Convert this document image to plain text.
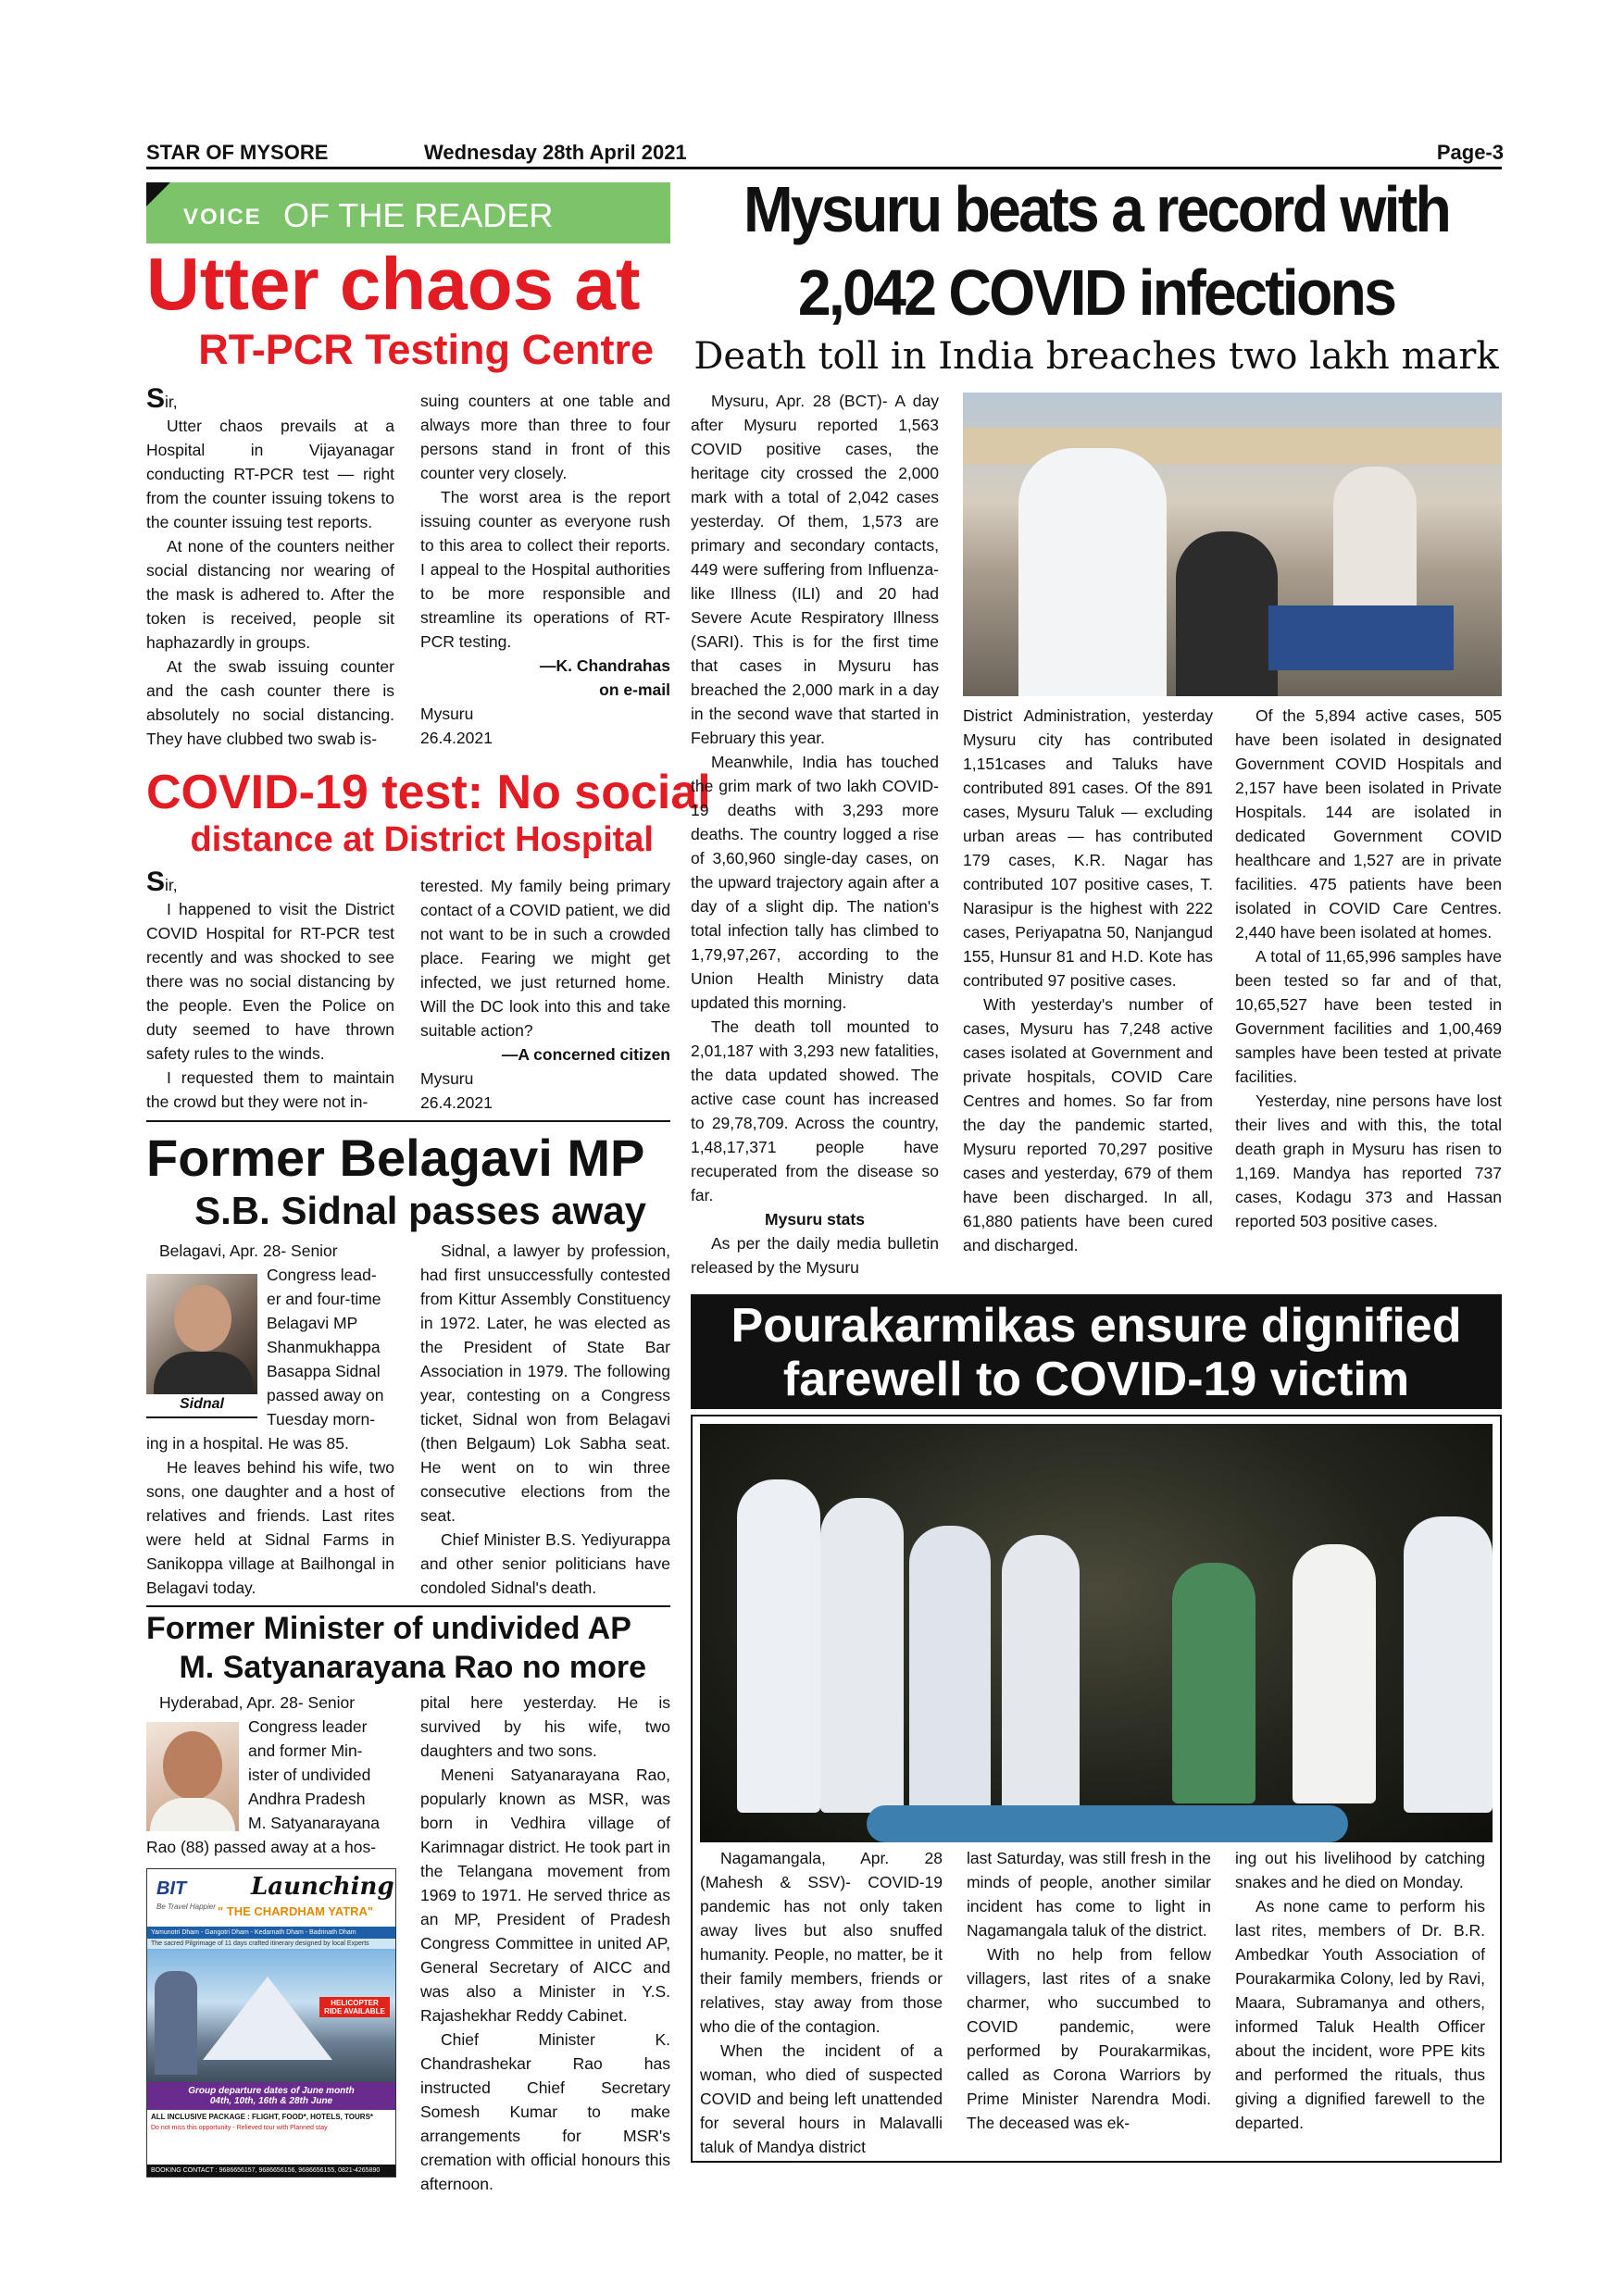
STAR OF MYSORE	Wednesday 28th April 2021	Page-3
VOICE OF THE READER
Utter chaos at
RT-PCR Testing Centre

Sir,

Utter chaos prevails at a Hospital in Vijayanagar conducting RT-PCR test — right from the counter issuing tokens to the counter issuing test reports.

At none of the counters neither social distancing nor wearing of the mask is adhered to. After the token is received, people sit haphazardly in groups.

At the swab issuing counter and the cash counter there is absolutely no social distancing. They have clubbed two swab is-

suing counters at one table and always more than three to four persons stand in front of this counter very closely.

The worst area is the report issuing counter as everyone rush to this area to collect their reports. I appeal to the Hospital authorities to be more responsible and streamline its operations of RT-PCR testing.

—K. Chandrahas

on e-mail

Mysuru

26.4.2021

COVID-19 test: No social
distance at District Hospital

Sir,

I happened to visit the District COVID Hospital for RT-PCR test recently and was shocked to see there was no social distancing by the people. Even the Police on duty seemed to have thrown safety rules to the winds.

I requested them to maintain the crowd but they were not in-

terested. My family being primary contact of a COVID patient, we did not want to be in such a crowded place. Fearing we might get infected, we just returned home. Will the DC look into this and take suitable action?

—A concerned citizen

Mysuru

26.4.2021

Former Belagavi MP
S.B. Sidnal passes away
Sidnal

Belagavi, Apr. 28- Senior

Congress lead-

er and four-time

Belagavi MP

Shanmukhappa

Basappa Sidnal

passed away on

Tuesday morn-

ing in a hospital. He was 85.

He leaves behind his wife, two sons, one daughter and a host of relatives and friends. Last rites were held at Sidnal Farms in Sanikoppa village at Bailhongal in Belagavi today.

Sidnal, a lawyer by profession, had first unsuccessfully contested from Kittur Assembly Constituency in 1972. Later, he was elected as the President of State Bar Association in 1979. The following year, contesting on a Congress ticket, Sidnal won from Belagavi (then Belgaum) Lok Sabha seat. He went on to win three consecutive elections from the seat.

Chief Minister B.S. Yediyurappa and other senior politicians have condoled Sidnal's death.

Former Minister of undivided AP
M. Satyanarayana Rao no more

Hyderabad, Apr. 28- Senior

Congress leader

and former Min-

ister of undivided

Andhra Pradesh

M. Satyanarayana

Rao (88) passed away at a hos-

pital here yesterday. He is survived by his wife, two daughters and two sons.

Meneni Satyanarayana Rao, popularly known as MSR, was born in Vedhira village of Karimnagar district. He took part in the Telangana movement from 1969 to 1971. He served thrice as an MP, President of Pradesh Congress Committee in united AP, General Secretary of AICC and was also a Minister in Y.S. Rajashekhar Reddy Cabinet.

Chief Minister K. Chandrashekar Rao has instructed Chief Secretary Somesh Kumar to make arrangements for MSR's cremation with official honours this afternoon.

BIT
Be Travel Happier
Launching
" THE CHARDHAM YATRA"
Yamunotri Dham - Gangotri Dham - Kedarnath Dham - Badrinath Dham
The sacred Pilgrimage of 11 days crafted itinerary designed by local Experts
HELICOPTER RIDE AVAILABLE
Group departure dates of June month
04th, 10th, 16th & 28th June
ALL INCLUSIVE PACKAGE : FLIGHT, FOOD*, HOTELS, TOURS*
Do not miss this opportunity - Relieved tour with Planned stay
BOOKING CONTACT : 9686656157, 9686656156, 9686656155, 0821-4265890
Mysuru beats a record with
2,042 COVID infections
Death toll in India breaches two lakh mark

Mysuru, Apr. 28 (BCT)- A day after Mysuru reported 1,563 COVID positive cases, the heritage city crossed the 2,000 mark with a total of 2,042 cases yesterday. Of them, 1,573 are primary and secondary contacts, 449 were suffering from Influenza-like Illness (ILI) and 20 had Severe Acute Respiratory Illness (SARI). This is for the first time that cases in Mysuru has breached the 2,000 mark in a day in the second wave that started in February this year.

Meanwhile, India has touched the grim mark of two lakh COVID-19 deaths with 3,293 more deaths. The country logged a rise of 3,60,960 single-day cases, on the upward trajectory again after a day of a slight dip. The nation's total infection tally has climbed to 1,79,97,267, according to the Union Health Ministry data updated this morning.

The death toll mounted to 2,01,187 with 3,293 new fatalities, the data updated showed. The active case count has increased to 29,78,709. Across the country, 1,48,17,371 people have recuperated from the disease so far.

Mysuru stats

As per the daily media bulletin released by the Mysuru

District Administration, yesterday Mysuru city has contributed 1,151cases and Taluks have contributed 891 cases. Of the 891 cases, Mysuru Taluk — excluding urban areas — has contributed 179 cases, K.R. Nagar has contributed 107 positive cases, T. Narasipur is the highest with 222 cases, Periyapatna 50, Nanjangud 155, Hunsur 81 and H.D. Kote has contributed 97 positive cases.

With yesterday's number of cases, Mysuru has 7,248 active cases isolated at Government and private hospitals, COVID Care Centres and homes. So far from the day the pandemic started, Mysuru reported 70,297 positive cases and yesterday, 679 of them have been discharged. In all, 61,880 patients have been cured and discharged.

Of the 5,894 active cases, 505 have been isolated in designated Government COVID Hospitals and 2,157 have been isolated in Private Hospitals. 144 are isolated in dedicated Government COVID healthcare and 1,527 are in private facilities. 475 patients have been isolated in COVID Care Centres. 2,440 have been isolated at homes.

A total of 11,65,996 samples have been tested so far and of that, 10,65,527 have been tested in Government facilities and 1,00,469 samples have been tested at private facilities.

Yesterday, nine persons have lost their lives and with this, the total death graph in Mysuru has risen to 1,169. Mandya has reported 737 cases, Kodagu 373 and Hassan reported 503 positive cases.

Pourakarmikas ensure dignified
farewell to COVID-19 victim

Nagamangala, Apr. 28 (Mahesh & SSV)- COVID-19 pandemic has not only taken away lives but also snuffed humanity. People, no matter, be it their family members, friends or relatives, stay away from those who die of the contagion.

When the incident of a woman, who died of suspected COVID and being left unattended for several hours in Malavalli taluk of Mandya district

last Saturday, was still fresh in the minds of people, another similar incident has come to light in Nagamangala taluk of the district.

With no help from fellow villagers, last rites of a snake charmer, who succumbed to COVID pandemic, were performed by Pourakarmikas, called as Corona Warriors by Prime Minister Narendra Modi. The deceased was ek-

ing out his livelihood by catching snakes and he died on Monday.

As none came to perform his last rites, members of Dr. B.R. Ambedkar Youth Association of Pourakarmika Colony, led by Ravi, Maara, Subramanya and others, informed Taluk Health Officer about the incident, wore PPE kits and performed the rituals, thus giving a dignified farewell to the departed.
